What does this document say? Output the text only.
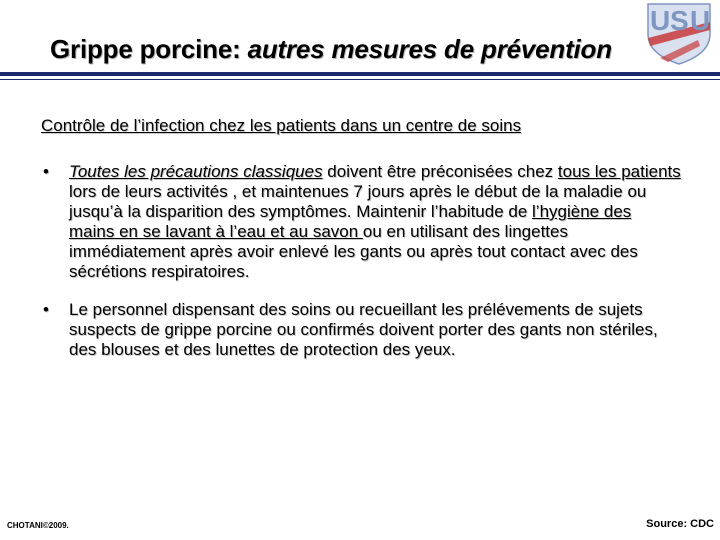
U S U
Grippe porcine: autres mesures de prévention
Contrôle de l’infection chez les patients dans un centre de soins
• Toutes les précautions classiques doivent être préconisées chez tous les patients lors de leurs activités , et maintenues 7 jours après le début de la maladie ou jusqu’à la disparition des symptômes. Maintenir l’habitude de l’hygiène des mains en se lavant à l’eau et au savon ou en utilisant des lingettes immédiatement après avoir enlevé les gants ou après tout contact avec des sécrétions respiratoires.
• Le personnel dispensant des soins ou recueillant les prélévements de sujets suspects de grippe porcine ou confirmés doivent porter des gants non stériles, des blouses et des lunettes de protection des yeux.
CHOTANI©2009.	Source: CDC
